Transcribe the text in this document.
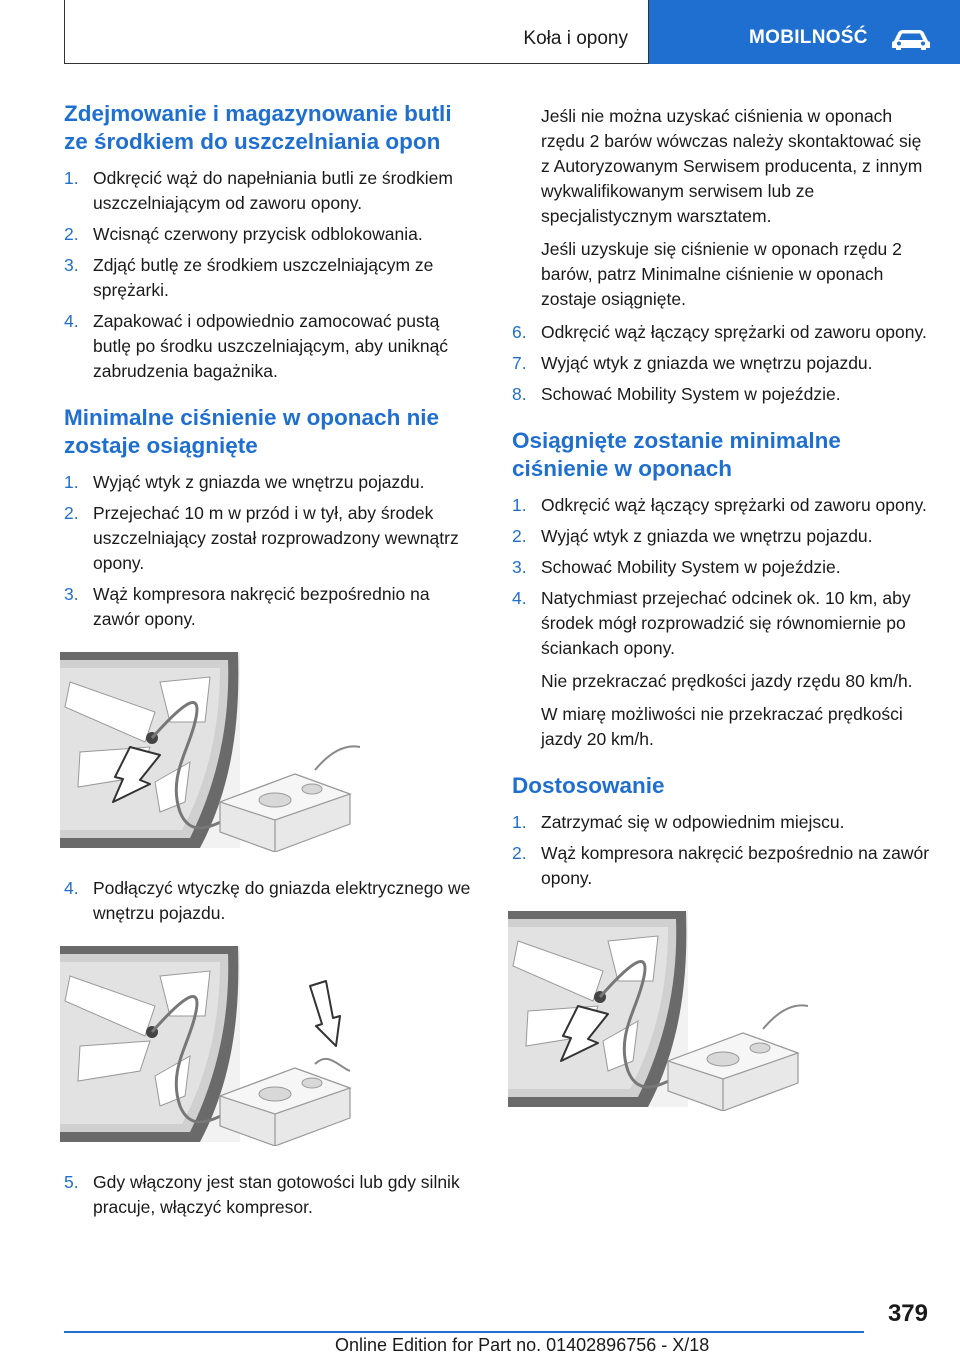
Koła i opony	MOBILNOŚĆ
Zdejmowanie i magazynowanie butli ze środkiem do uszczelniania opon
1. Odkręcić wąż do napełniania butli ze środkiem uszczelniającym od zaworu opony.
2. Wcisnąć czerwony przycisk odblokowania.
3. Zdjąć butlę ze środkiem uszczelniającym ze sprężarki.
4. Zapakować i odpowiednio zamocować pustą butlę po środku uszczelniającym, aby uniknąć zabrudzenia bagażnika.
Minimalne ciśnienie w oponach nie zostaje osiągnięte
1. Wyjąć wtyk z gniazda we wnętrzu pojazdu.
2. Przejechać 10 m w przód i w tył, aby środek uszczelniający został rozprowadzony wewnątrz opony.
3. Wąż kompresora nakręcić bezpośrednio na zawór opony.
4. Podłączyć wtyczkę do gniazda elektrycznego we wnętrzu pojazdu.
5. Gdy włączony jest stan gotowości lub gdy silnik pracuje, włączyć kompresor.

Jeśli nie można uzyskać ciśnienia w oponach rzędu 2 barów wówczas należy skontaktować się z Autoryzowanym Serwisem producenta, z innym wykwalifikowanym serwisem lub ze specjalistycznym warsztatem.

Jeśli uzyskuje się ciśnienie w oponach rzędu 2 barów, patrz Minimalne ciśnienie w oponach zostaje osiągnięte.

6. Odkręcić wąż łączący sprężarki od zaworu opony.
7. Wyjąć wtyk z gniazda we wnętrzu pojazdu.
8. Schować Mobility System w pojeździe.
Osiągnięte zostanie minimalne ciśnienie w oponach
1. Odkręcić wąż łączący sprężarki od zaworu opony.
2. Wyjąć wtyk z gniazda we wnętrzu pojazdu.
3. Schować Mobility System w pojeździe.
4. Natychmiast przejechać odcinek ok. 10 km, aby środek mógł rozprowadzić się równomiernie po ściankach opony.

Nie przekraczać prędkości jazdy rzędu 80 km/h.

W miarę możliwości nie przekraczać prędkości jazdy 20 km/h.

Dostosowanie
1. Zatrzymać się w odpowiednim miejscu.
2. Wąż kompresora nakręcić bezpośrednio na zawór opony.
379
Online Edition for Part no. 01402896756 - X/18
